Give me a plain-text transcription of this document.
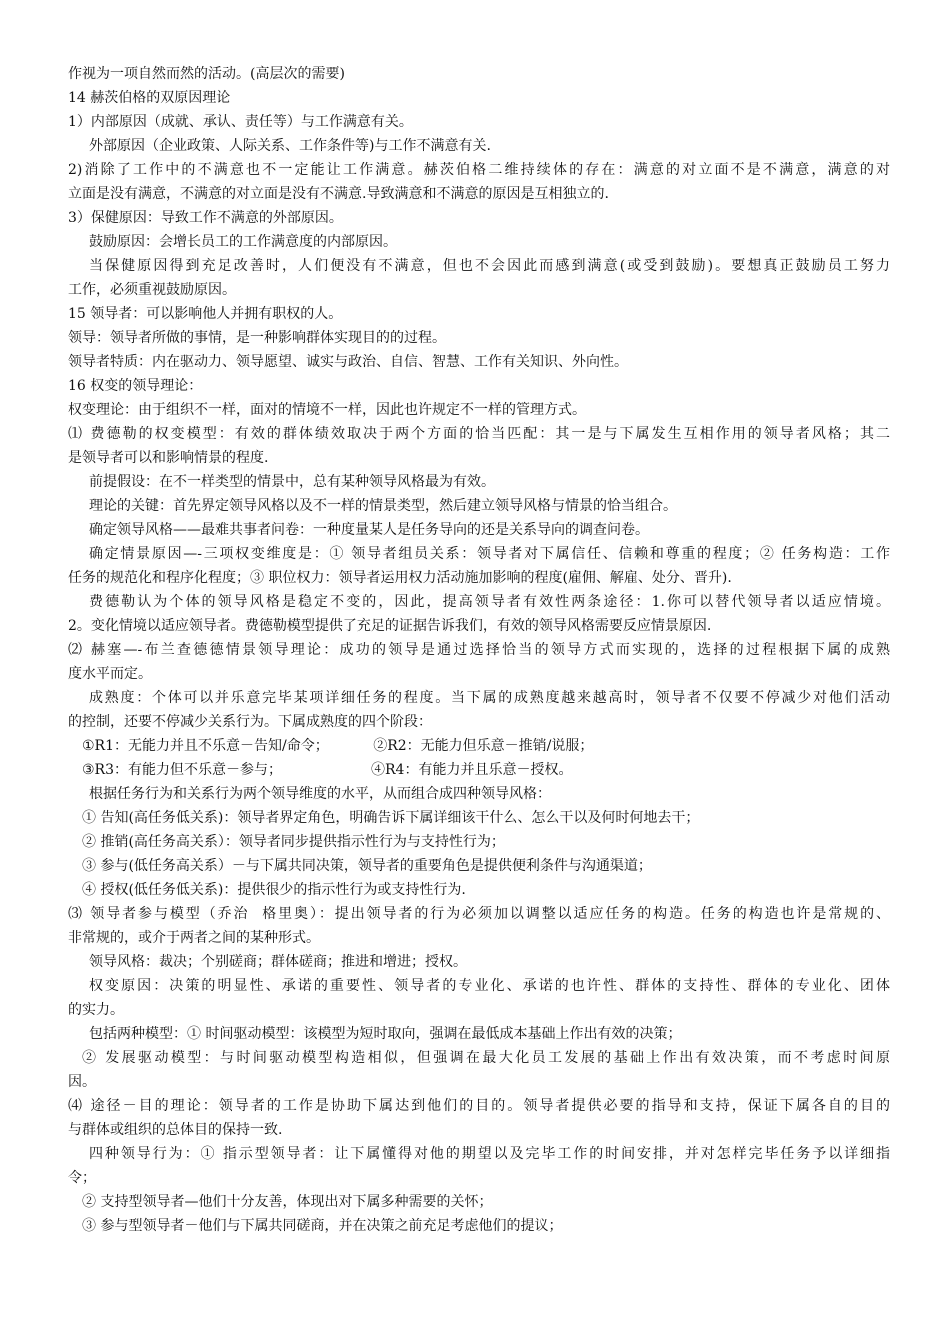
作视为一项自然而然的活动。(高层次的需要)
14 赫茨伯格的双原因理论
1）内部原因（成就、承认、责任等）与工作满意有关。
外部原因（企业政策、人际关系、工作条件等)与工作不满意有关.
2)消除了工作中的不满意也不一定能让工作满意。赫茨伯格二维持续体的存在：满意的对立面不是不满意，满意的对
立面是没有满意，不满意的对立面是没有不满意.导致满意和不满意的原因是互相独立的.
3）保健原因：导致工作不满意的外部原因。
鼓励原因：会增长员工的工作满意度的内部原因。
当保健原因得到充足改善时，人们便没有不满意，但也不会因此而感到满意(或受到鼓励)。要想真正鼓励员工努力
工作，必须重视鼓励原因。
15 领导者：可以影响他人并拥有职权的人。
领导：领导者所做的事情，是一种影响群体实现目的的过程。
领导者特质：内在驱动力、领导愿望、诚实与政治、自信、智慧、工作有关知识、外向性。
16 权变的领导理论：
权变理论：由于组织不一样，面对的情境不一样，因此也许规定不一样的管理方式。
⑴ 费德勒的权变模型：有效的群体绩效取决于两个方面的恰当匹配：其一是与下属发生互相作用的领导者风格；其二
是领导者可以和影响情景的程度.
前提假设：在不一样类型的情景中，总有某种领导风格最为有效。
理论的关键：首先界定领导风格以及不一样的情景类型，然后建立领导风格与情景的恰当组合。
确定领导风格——最难共事者问卷：一种度量某人是任务导向的还是关系导向的调查问卷。
确定情景原因—-三项权变维度是：① 领导者组员关系：领导者对下属信任、信赖和尊重的程度；② 任务构造：工作
任务的规范化和程序化程度；③ 职位权力：领导者运用权力活动施加影响的程度(雇佣、解雇、处分、晋升).
费德勒认为个体的领导风格是稳定不变的，因此，提高领导者有效性两条途径：1.你可以替代领导者以适应情境。
2。变化情境以适应领导者。费德勒模型提供了充足的证据告诉我们，有效的领导风格需要反应情景原因.
⑵ 赫塞—-布兰查德德情景领导理论：成功的领导是通过选择恰当的领导方式而实现的，选择的过程根据下属的成熟
度水平而定。
成熟度：个体可以并乐意完毕某项详细任务的程度。当下属的成熟度越来越高时，领导者不仅要不停减少对他们活动
的控制，还要不停减少关系行为。下属成熟度的四个阶段：
①R1：无能力并且不乐意－告知/命令；          ②R2：无能力但乐意－推销/说服；
③R3：有能力但不乐意－参与；                    ④R4：有能力并且乐意－授权。
根据任务行为和关系行为两个领导维度的水平，从而组合成四种领导风格：
① 告知(高任务低关系)：领导者界定角色，明确告诉下属详细该干什么、怎么干以及何时何地去干；
② 推销(高任务高关系）：领导者同步提供指示性行为与支持性行为；
③ 参与(低任务高关系）－与下属共同决策，领导者的重要角色是提供便利条件与沟通渠道；
④ 授权(低任务低关系)：提供很少的指示性行为或支持性行为.
⑶ 领导者参与模型（乔治  格里奥）：提出领导者的行为必须加以调整以适应任务的构造。任务的构造也许是常规的、
非常规的，或介于两者之间的某种形式。
领导风格：裁决；个别磋商；群体磋商；推进和增进；授权。
权变原因：决策的明显性、承诺的重要性、领导者的专业化、承诺的也许性、群体的支持性、群体的专业化、团体
的实力。
包括两种模型：① 时间驱动模型：该模型为短时取向，强调在最低成本基础上作出有效的决策；
② 发展驱动模型：与时间驱动模型构造相似，但强调在最大化员工发展的基础上作出有效决策，而不考虑时间原
因。
⑷ 途径－目的理论：领导者的工作是协助下属达到他们的目的。领导者提供必要的指导和支持，保证下属各自的目的
与群体或组织的总体目的保持一致.
四种领导行为：① 指示型领导者：让下属懂得对他的期望以及完毕工作的时间安排，并对怎样完毕任务予以详细指
令；
② 支持型领导者—他们十分友善，体现出对下属多种需要的关怀；
③ 参与型领导者－他们与下属共同磋商，并在决策之前充足考虑他们的提议；
